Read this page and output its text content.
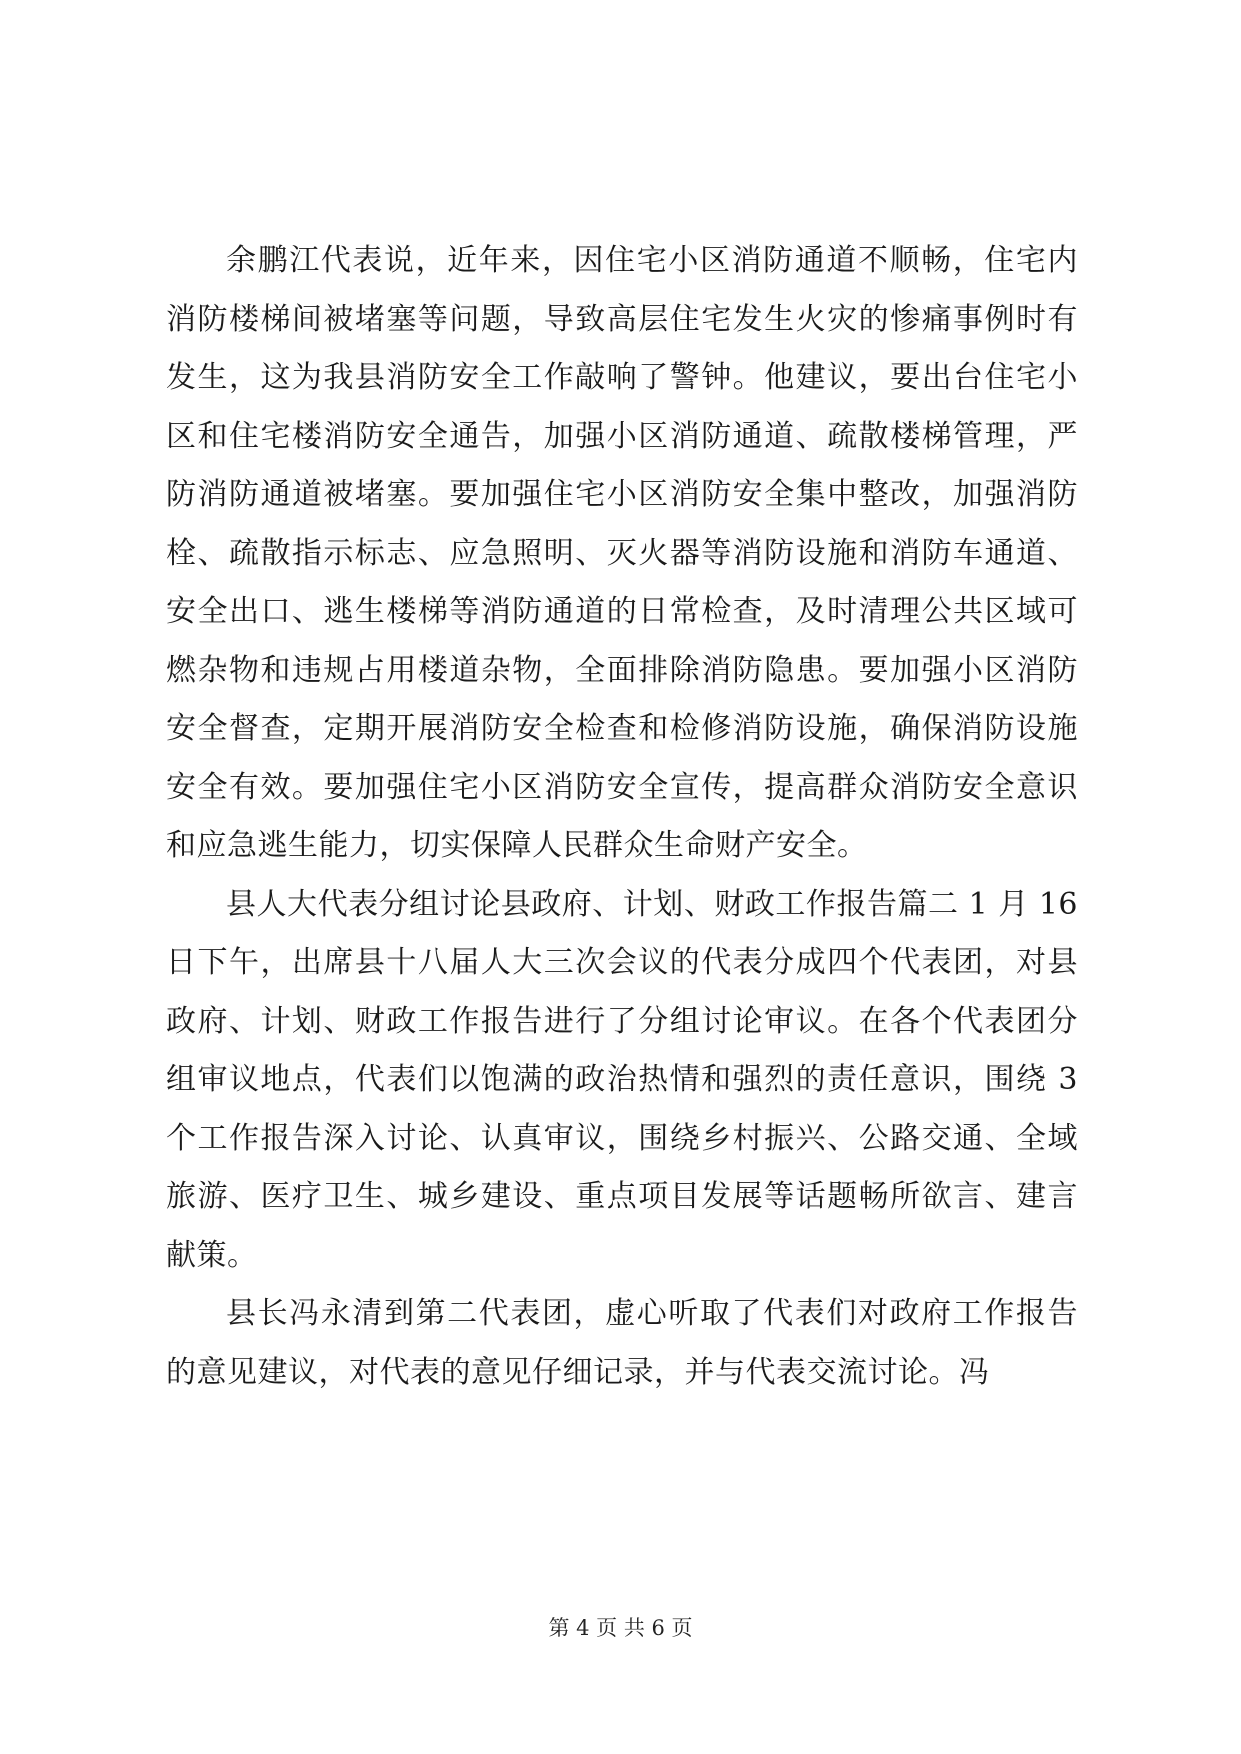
余鹏江代表说，近年来，因住宅小区消防通道不顺畅，住宅内消防楼梯间被堵塞等问题，导致高层住宅发生火灾的惨痛事例时有发生，这为我县消防安全工作敲响了警钟。他建议，要出台住宅小区和住宅楼消防安全通告，加强小区消防通道、疏散楼梯管理，严防消防通道被堵塞。要加强住宅小区消防安全集中整改，加强消防栓、疏散指示标志、应急照明、灭火器等消防设施和消防车通道、安全出口、逃生楼梯等消防通道的日常检查，及时清理公共区域可燃杂物和违规占用楼道杂物，全面排除消防隐患。要加强小区消防安全督查，定期开展消防安全检查和检修消防设施，确保消防设施安全有效。要加强住宅小区消防安全宣传，提高群众消防安全意识和应急逃生能力，切实保障人民群众生命财产安全。

县人大代表分组讨论县政府、计划、财政工作报告篇二 1 月 16 日下午，出席县十八届人大三次会议的代表分成四个代表团，对县政府、计划、财政工作报告进行了分组讨论审议。在各个代表团分组审议地点，代表们以饱满的政治热情和强烈的责任意识，围绕 3 个工作报告深入讨论、认真审议，围绕乡村振兴、公路交通、全域旅游、医疗卫生、城乡建设、重点项目发展等话题畅所欲言、建言献策。

县长冯永清到第二代表团，虚心听取了代表们对政府工作报告的意见建议，对代表的意见仔细记录，并与代表交流讨论。冯

第 4 页 共 6 页
